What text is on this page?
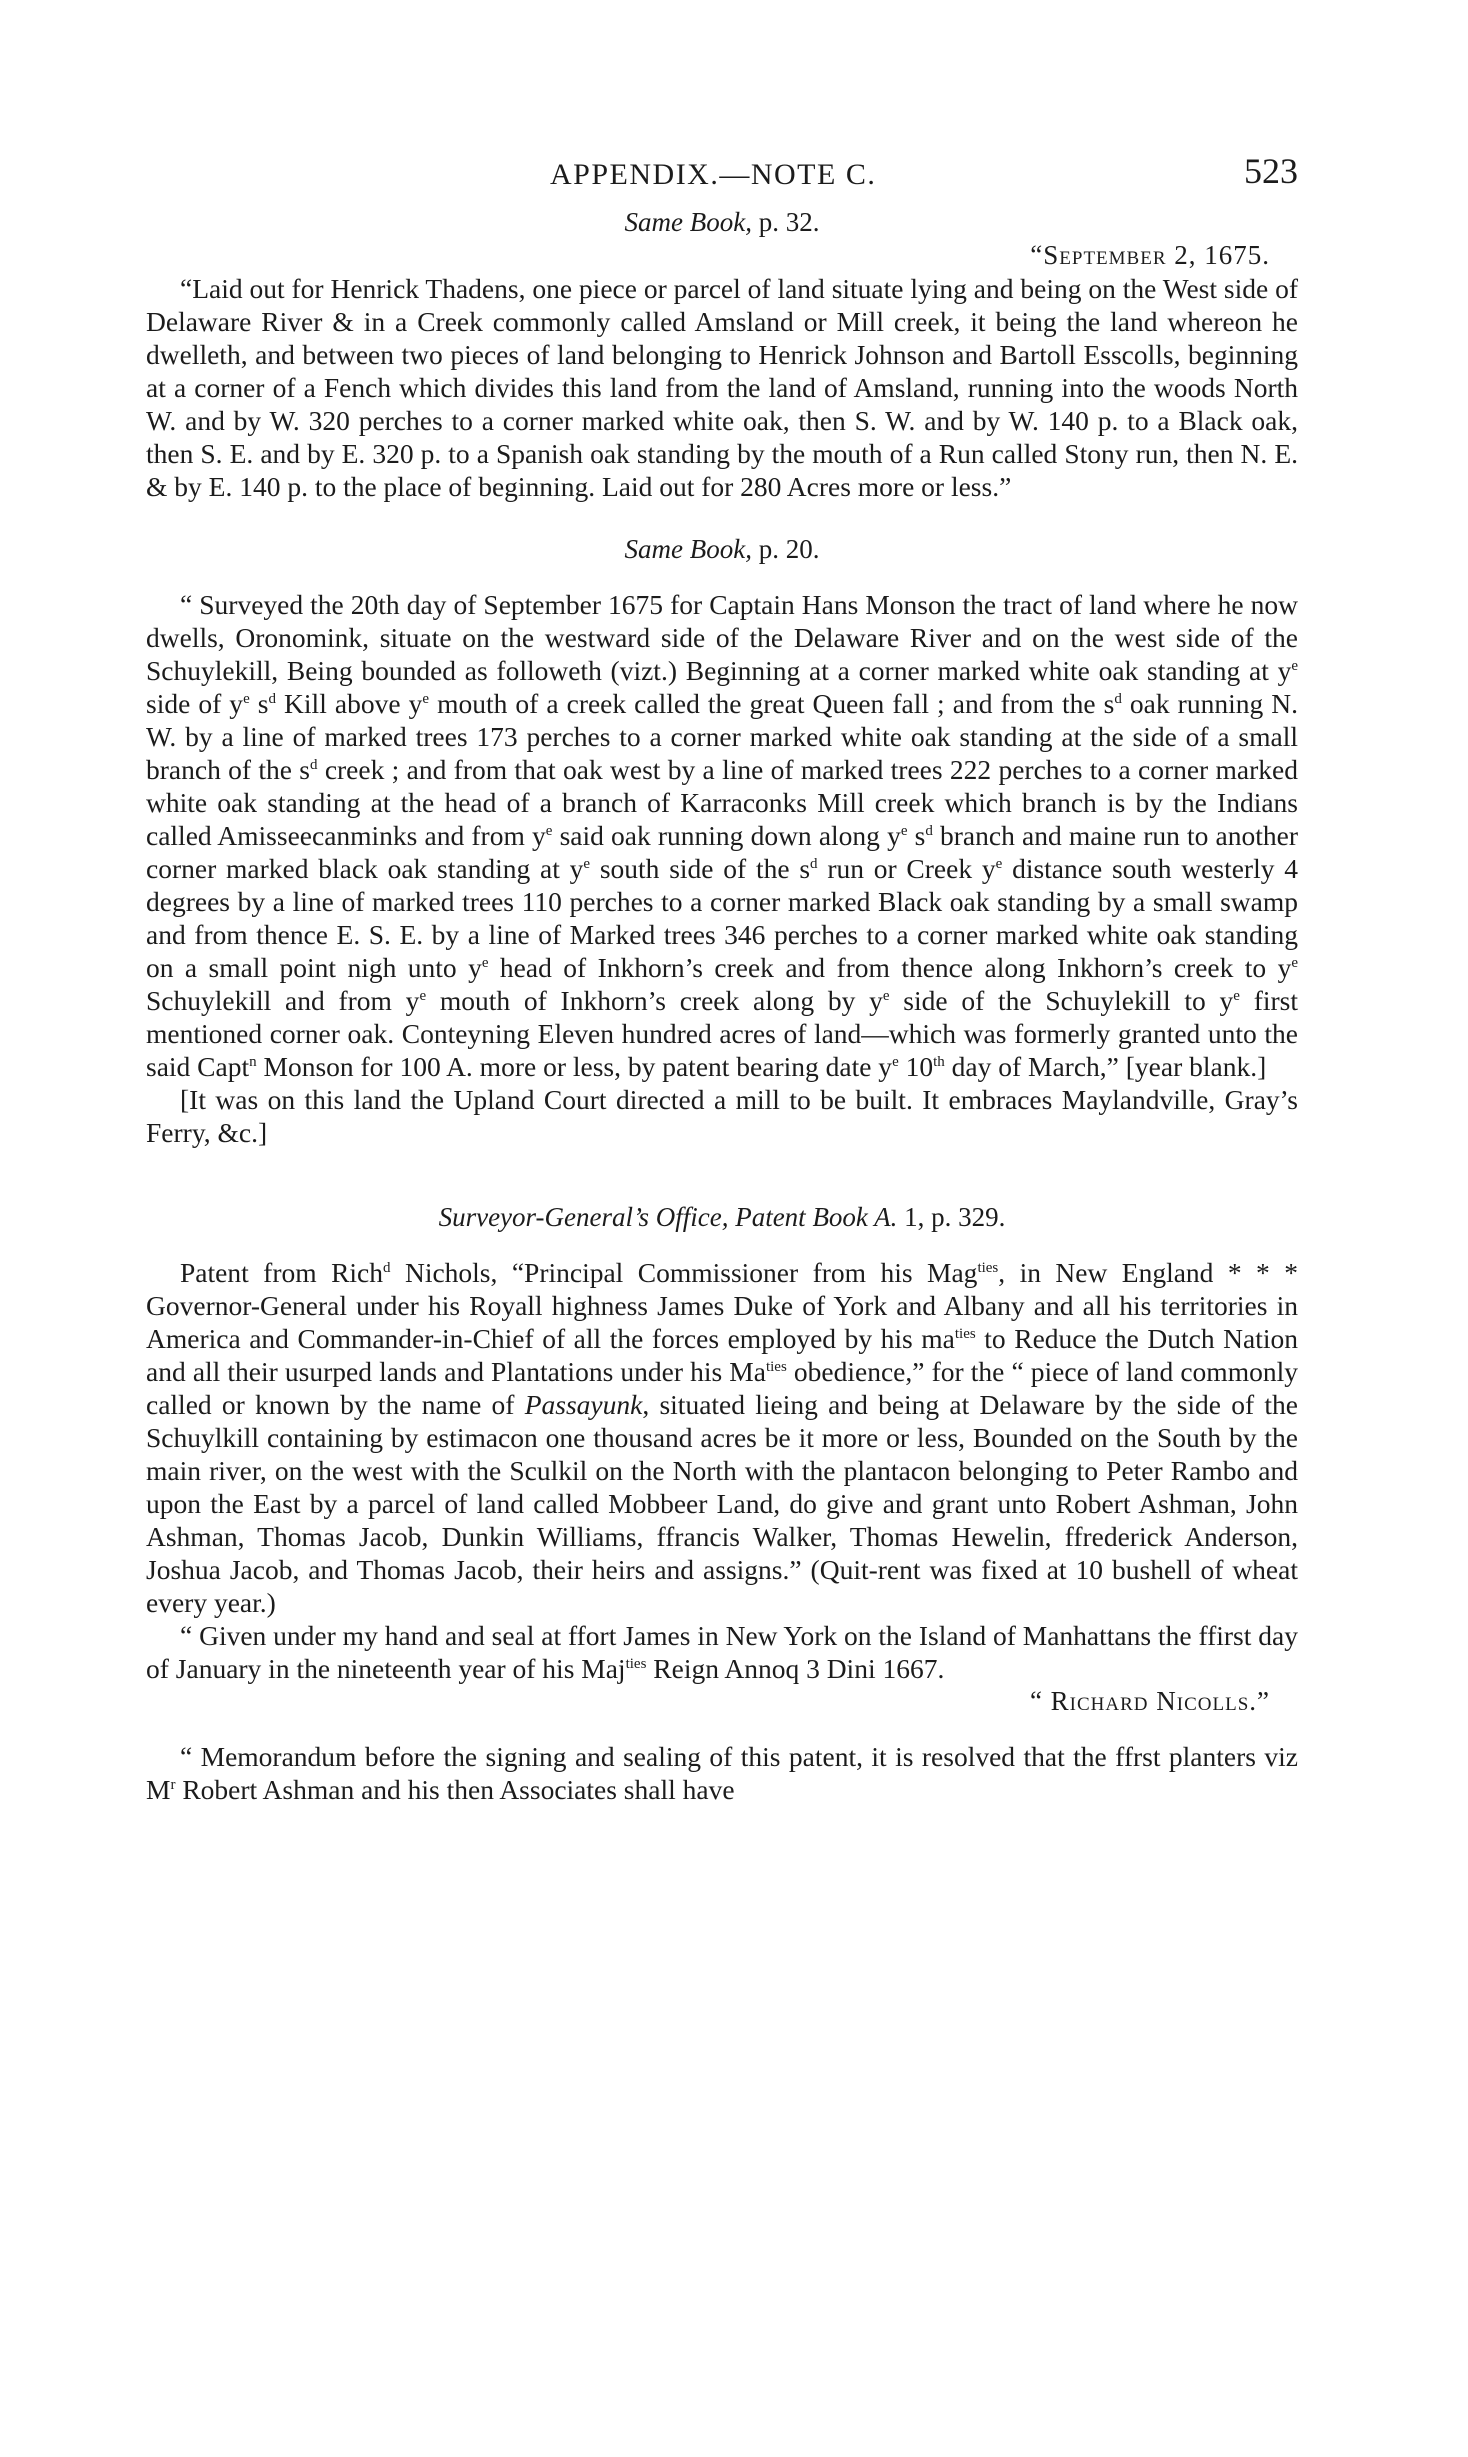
APPENDIX.—NOTE C.	523

Same Book, p. 32.

“September 2, 1675.

“Laid out for Henrick Thadens, one piece or parcel of land situate lying and being on the West side of Delaware River & in a Creek commonly called Amsland or Mill creek, it being the land whereon he dwelleth, and between two pieces of land belonging to Henrick Johnson and Bartoll Esscolls, beginning at a corner of a Fench which divides this land from the land of Amsland, running into the woods North W. and by W. 320 perches to a corner marked white oak, then S. W. and by W. 140 p. to a Black oak, then S. E. and by E. 320 p. to a Spanish oak standing by the mouth of a Run called Stony run, then N. E. & by E. 140 p. to the place of beginning. Laid out for 280 Acres more or less.”

Same Book, p. 20.

“ Surveyed the 20th day of September 1675 for Captain Hans Monson the tract of land where he now dwells, Oronomink, situate on the westward side of the Delaware River and on the west side of the Schuylekill, Being bounded as followeth (vizt.) Beginning at a corner marked white oak standing at $y^e$ side of $y^e$ $s^d$ Kill above $y^e$ mouth of a creek called the great Queen fall ; and from the $s^d$ oak running N. W. by a line of marked trees 173 perches to a corner marked white oak standing at the side of a small branch of the $s^d$ creek ; and from that oak west by a line of marked trees 222 perches to a corner marked white oak standing at the head of a branch of Karraconks Mill creek which branch is by the Indians called Amisseecanminks and from $y^e$ said oak running down along $y^e$ $s^d$ branch and maine run to another corner marked black oak standing at $y^e$ south side of the $s^d$ run or Creek $y^e$ distance south westerly 4 degrees by a line of marked trees 110 perches to a corner marked Black oak standing by a small swamp and from thence E. S. E. by a line of Marked trees 346 perches to a corner marked white oak standing on a small point nigh unto $y^e$ head of Inkhorn’s creek and from thence along Inkhorn’s creek to $y^e$ Schuylekill and from $y^e$ mouth of Inkhorn’s creek along by $y^e$ side of the Schuylekill to $y^e$ first mentioned corner oak. Conteyning Eleven hundred acres of land—which was formerly granted unto the said Capt$^n$ Monson for 100 A. more or less, by patent bearing date $y^e$ 10th day of March,” [year blank.]

[It was on this land the Upland Court directed a mill to be built. It embraces Maylandville, Gray’s Ferry, &c.]

Surveyor-General’s Office, Patent Book A. 1, p. 329.

Patent from Rich$^d$ Nichols, “Principal Commissioner from his Mag$^{ties}$, in New England * * * Governor-General under his Royall highness James Duke of York and Albany and all his territories in America and Commander-in-Chief of all the forces employed by his $ma^{ties}$ to Reduce the Dutch Nation and all their usurped lands and Plantations under his $Ma^{ties}$ obedience,” for the “ piece of land commonly called or known by the name of Passayunk, situated lieing and being at Delaware by the side of the Schuylkill containing by estimacon one thousand acres be it more or less, Bounded on the South by the main river, on the west with the Sculkil on the North with the plantacon belonging to Peter Rambo and upon the East by a parcel of land called Mobbeer Land, do give and grant unto Robert Ashman, John Ashman, Thomas Jacob, Dunkin Williams, ffrancis Walker, Thomas Hewelin, ffrederick Anderson, Joshua Jacob, and Thomas Jacob, their heirs and assigns.” (Quit-rent was fixed at 10 bushell of wheat every year.)

“ Given under my hand and seal at ffort James in New York on the Island of Manhattans the ffirst day of January in the nineteenth year of his Maj$^{ties}$ Reign Annoq 3 Dini 1667.

“ Richard Nicolls.”

“ Memorandum before the signing and sealing of this patent, it is resolved that the ffrst planters viz $M^r$ Robert Ashman and his then Associates shall have
